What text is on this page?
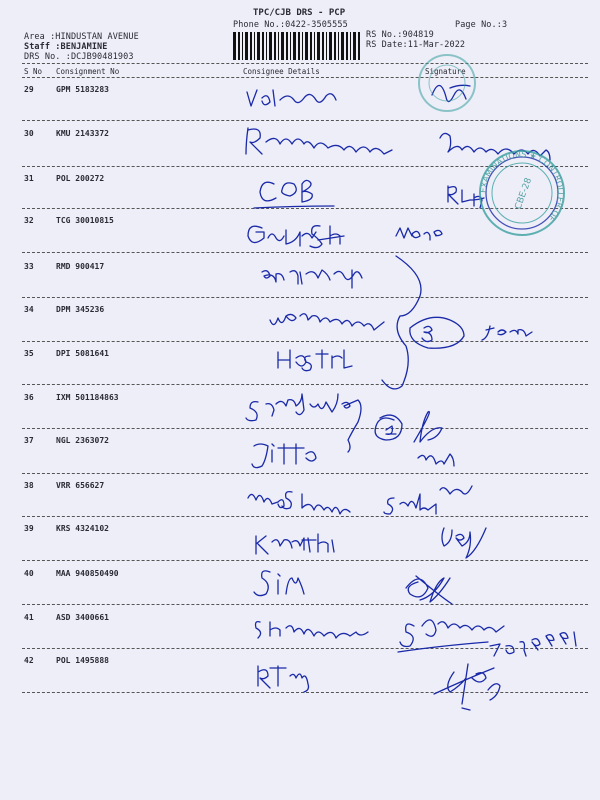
TPC/CJB DRS - PCP
Phone No.:0422-3505555
Area :HINDUSTAN AVENUE
Staff :BENJAMINE
DRS No. :DCJB90481903
RS No.:904819
RS Date:11-Mar-2022
Page No.:3
S No Consignment No	Consignee Details	Signature
29	GPM 5183283
30	KMU 2143372
31	POL 200272
32	TCG 30010815
33	RMD 900417
34	DPM 345236
35	DPI 5081641
36	IXM 501184863
37	NGL 2363072
38	VRR 656627
39	KRS 4324102
40	MAA 940850490
41	ASD 3400661
42	POL 1495888
EXAMINATIONS ★ CONTROLLER OF
CBE-28
